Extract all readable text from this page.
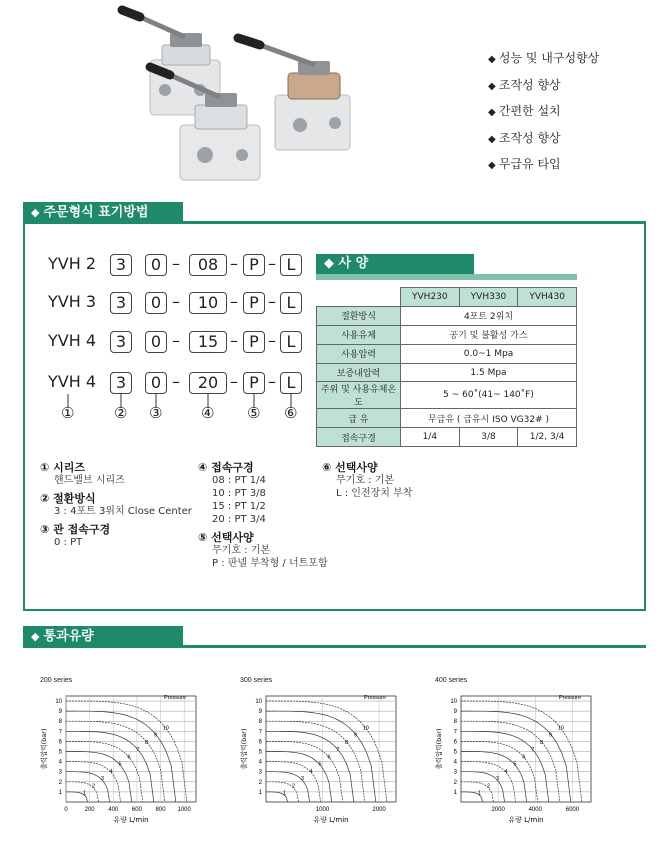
◆ 성능 및 내구성향상
◆ 조작성 향상
◆ 간편한 설치
◆ 조작성 향상
◆ 무급유 타입
◆ 주문형식 표기방법
YVH 2	3	0 –	08 – P – L
YVH 3	3	0 –	10 – P – L
YVH 4	3	0 –	15 – P – L
YVH 4	3	0 –	20 – P – L
①	② ③	④ ⑤ ⑥
① 시리즈
핸드밸브 시리즈
② 절환방식
3 : 4포트 3위치 Close Center
③ 관 접속구경
0 : PT
④ 접속구경
08 : PT 1/4
10 : PT 3/8
15 : PT 1/2
20 : PT 3/4
⑤ 선택사양
무기호 : 기본
P : 판넬 부착형 / 너트포함
⑥ 선택사양
무기호 : 기본
L : 인전장치 부착
◆ 사 양
	YVH230	YVH330	YVH430
절환방식	4포트 2위치		
사용유체	공기 및 불활성 가스		
사용압력	0.0~1 Mpa		
보증내압력	1.5 Mpa		
주위 및 사용유체온도	5 ~ 60˚(41~ 140˚F)		
급 유	무급유 ( 급유시 ISO VG32# )		
접속구경	1/4	3/8	1/2, 3/4
◆ 통과유량
200 series
1
2
3
4
5
6
7
8
9
10
0	200 400 600 800 1000
1
2
3
4
5
6
7
8
9
10
Pressure
유량 L/min
출력압력(bar)
300 series
1
2
3
4
5
6
7
8
9
10
1000	2000
1
2
3
4
5
6
7
8
9
10
Pressure
유량 L/min
출력압력(bar)
400 series
1
2
3
4
5
6
7
8
9
10
2000	4000	6000
1
2
3
4
5
6
7
8
9
10
Pressure
유량 L/min
출력압력(bar)
